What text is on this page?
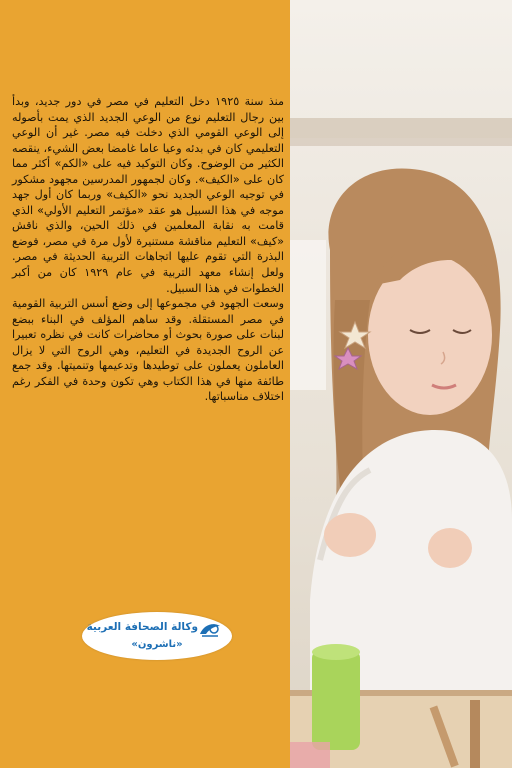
منذ سنة ١٩٢٥ دخل التعليم في مصر في دور جديد، وبدأ بين رجال التعليم نوع من الوعي الجديد الذي يمت بأصوله إلى الوعي القومي الذي دخلت فيه مصر. غير أن الوعي التعليمي كان في بدئه وعيا عاما غامضا بعض الشيء، ينقصه الكثير من الوضوح. وكان التوكيد فيه على «الكم» أكثر مما كان على «الكيف». وكان لجمهور المدرسين مجهود مشكور في توجيه الوعي الجديد نحو «الكيف» وربما كان أول جهد موجه في هذا السبيل هو عقد «مؤتمر التعليم الأولي» الذي قامت به نقابة المعلمين في ذلك الحين، والذي ناقش «كيف» التعليم مناقشة مستنيرة لأول مرة في مصر، فوضع البذرة التي تقوم عليها اتجاهات التربية الحديثة في مصر. ولعل إنشاء معهد التربية في عام ١٩٢٩ كان من أكبر الخطوات في هذا السبيل.

وسعت الجهود في مجموعها إلى وضع أسس التربية القومية في مصر المستقلة. وقد ساهم المؤلف في البناء ببضع لبنات على صورة بحوث أو محاضرات كانت في نظره تعبيرا عن الروح الجديدة في التعليم، وهي الروح التي لا يزال العاملون يعملون على توطيدها وتدعيمها وتنميتها. وقد جمع طائفة منها في هذا الكتاب وهي تكون وحدة في الفكر رغم اختلاف مناسباتها.

وكالة الصحافة العربية
«ناشرون»
